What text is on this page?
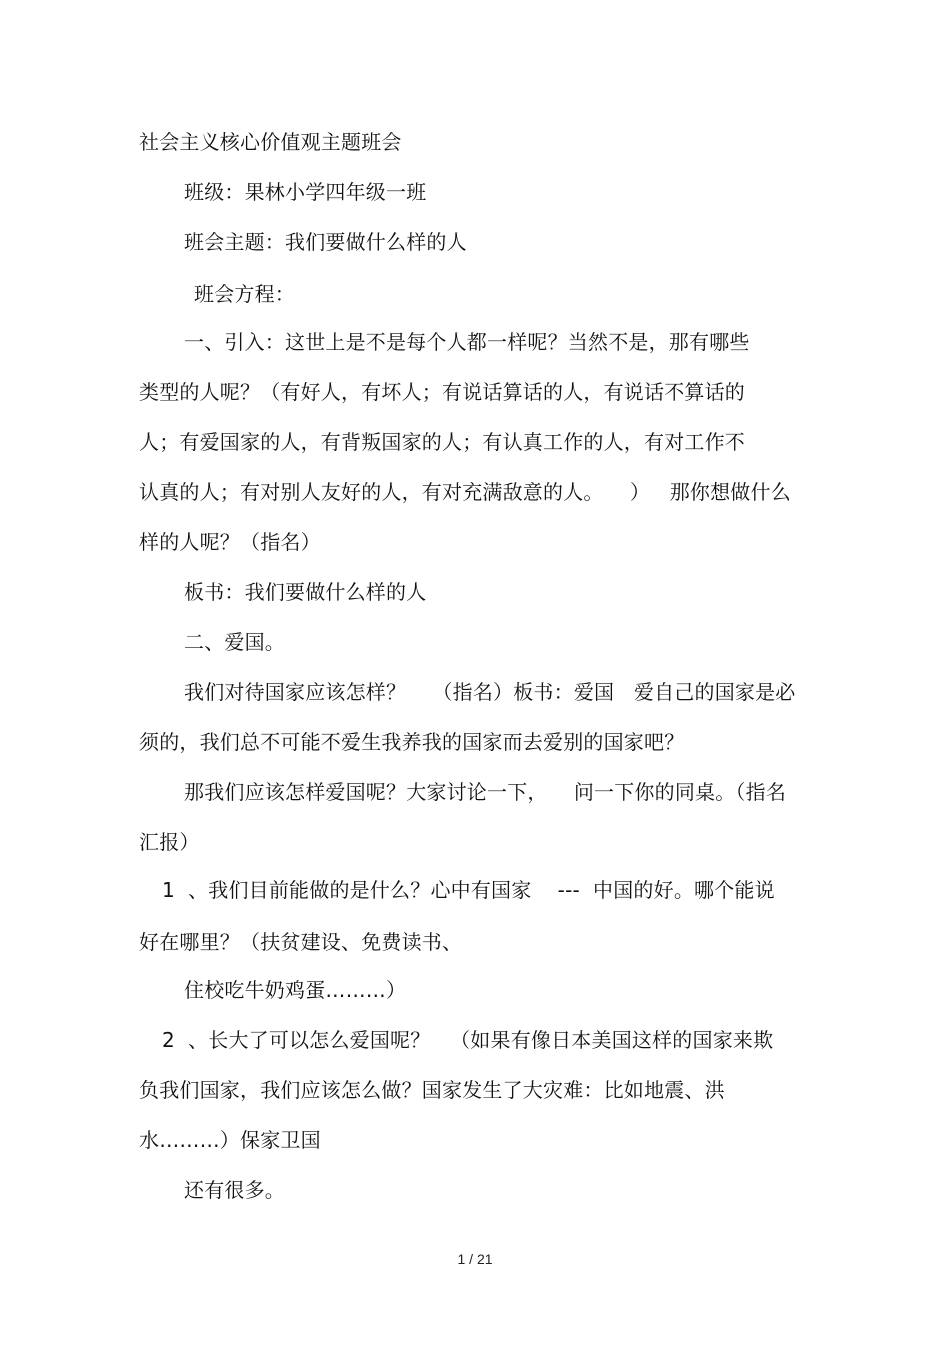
社会主义核心价值观主题班会
班级：果林小学四年级一班
班会主题：我们要做什么样的人
班会方程：
一、引入：这世上是不是每个人都一样呢？当然不是，那有哪些
类型的人呢？（有好人，有坏人；有说话算话的人，有说话不算话的
人；有爱国家的人，有背叛国家的人；有认真工作的人，有对工作不
认真的人；有对别人友好的人，有对充满敌意的人。    ）   那你想做什么
样的人呢？（指名）
板书：我们要做什么样的人
二、爱国。
我们对待国家应该怎样？    （指名）板书：爱国   爱自己的国家是必
须的，我们总不可能不爱生我养我的国家而去爱别的国家吧？
那我们应该怎样爱国呢？大家讨论一下，    问一下你的同桌。（指名
汇报）
1  、我们目前能做的是什么？心中有国家    ---  中国的好。哪个能说
好在哪里？（扶贫建设、免费读书、
住校吃牛奶鸡蛋………）
2  、长大了可以怎么爱国呢？   （如果有像日本美国这样的国家来欺
负我们国家，我们应该怎么做？国家发生了大灾难：比如地震、洪
水………）保家卫国
还有很多。
1 / 21
